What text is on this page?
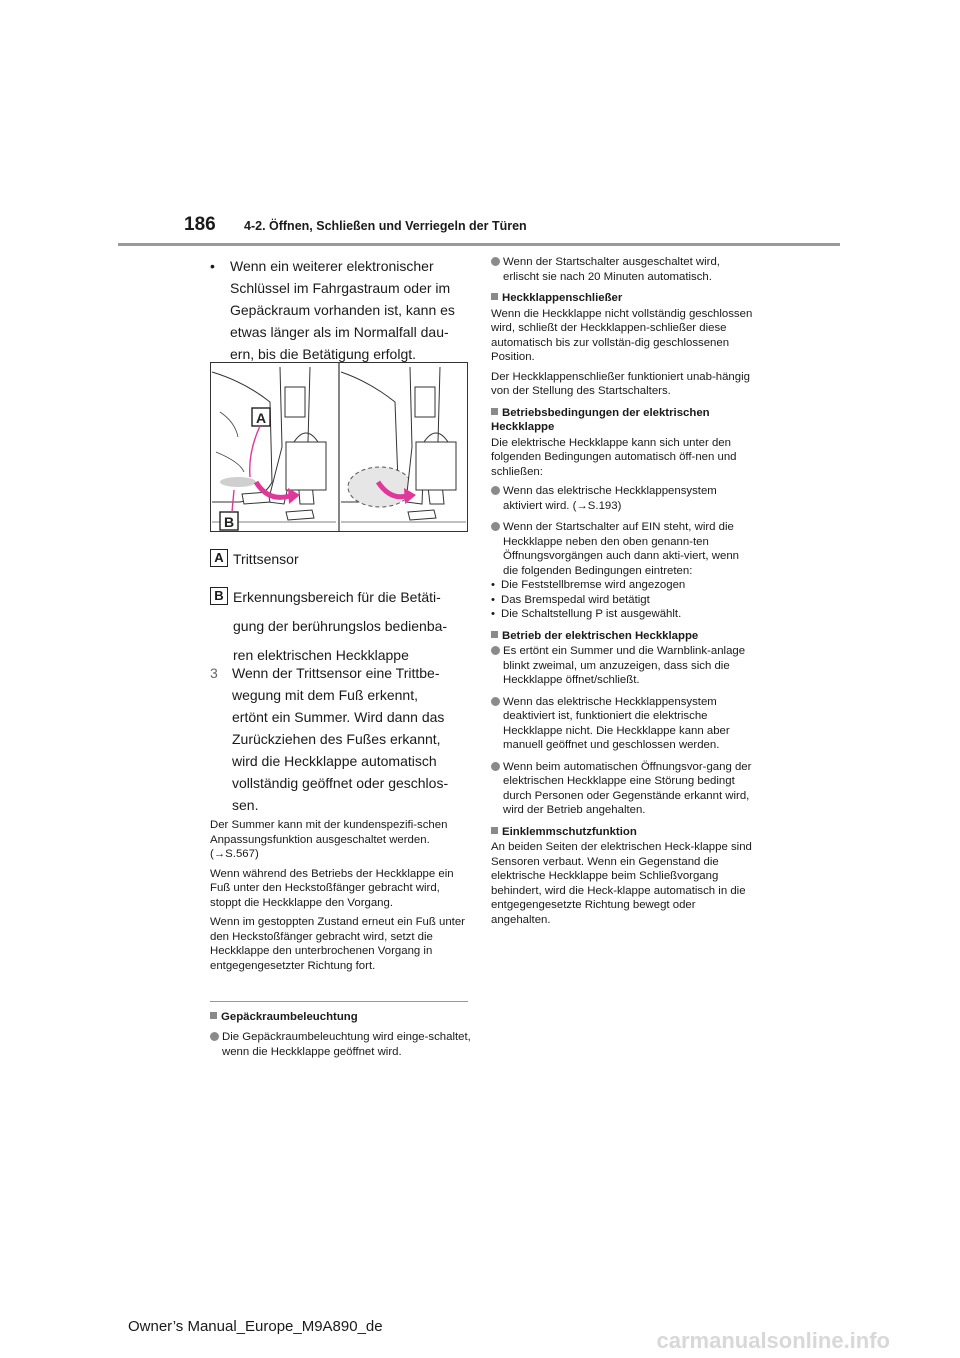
186 4-2. Öffnen, Schließen und Verriegeln der Türen
• Wenn ein weiterer elektronischer Schlüssel im Fahrgastraum oder im Gepäckraum vorhanden ist, kann es etwas länger als im Normalfall dau-ern, bis die Betätigung erfolgt.
A
B
A Trittsensor
B Erkennungsbereich für die Betäti-
gung der berührungslos bedienba-
ren elektrischen Heckklappe
3 Wenn der Trittsensor eine Trittbe-
wegung mit dem Fuß erkennt,
ertönt ein Summer. Wird dann das
Zurückziehen des Fußes erkannt,
wird die Heckklappe automatisch
vollständig geöffnet oder geschlos-
sen.

Der Summer kann mit der kundenspezifi-schen Anpassungsfunktion ausgeschaltet werden. (→S.567)

Wenn während des Betriebs der Heckklappe ein Fuß unter den Heckstoßfänger gebracht wird, stoppt die Heckklappe den Vorgang.

Wenn im gestoppten Zustand erneut ein Fuß unter den Heckstoßfänger gebracht wird, setzt die Heckklappe den unterbrochenen Vorgang in entgegengesetzter Richtung fort.

Gepäckraumbeleuchtung
Die Gepäckraumbeleuchtung wird einge-schaltet, wenn die Heckklappe geöffnet wird.
Wenn der Startschalter ausgeschaltet wird, erlischt sie nach 20 Minuten automatisch.
Heckklappenschließer

Wenn die Heckklappe nicht vollständig geschlossen wird, schließt der Heckklappen-schließer diese automatisch bis zur vollstän-dig geschlossenen Position.

Der Heckklappenschließer funktioniert unab-hängig von der Stellung des Startschalters.

Betriebsbedingungen der elektrischen Heckklappe

Die elektrische Heckklappe kann sich unter den folgenden Bedingungen automatisch öff-nen und schließen:

Wenn das elektrische Heckklappensystem aktiviert wird. (→S.193)
Wenn der Startschalter auf EIN steht, wird die Heckklappe neben den oben genann-ten Öffnungsvorgängen auch dann akti-viert, wenn die folgenden Bedingungen eintreten:
• Die Feststellbremse wird angezogen
• Das Bremspedal wird betätigt
• Die Schaltstellung P ist ausgewählt.
Betrieb der elektrischen Heckklappe
Es ertönt ein Summer und die Warnblink-anlage blinkt zweimal, um anzuzeigen, dass sich die Heckklappe öffnet/schließt.
Wenn das elektrische Heckklappensystem deaktiviert ist, funktioniert die elektrische Heckklappe nicht. Die Heckklappe kann aber manuell geöffnet und geschlossen werden.
Wenn beim automatischen Öffnungsvor-gang der elektrischen Heckklappe eine Störung bedingt durch Personen oder Gegenstände erkannt wird, wird der Betrieb angehalten.
Einklemmschutzfunktion

An beiden Seiten der elektrischen Heck-klappe sind Sensoren verbaut. Wenn ein Gegenstand die elektrische Heckklappe beim Schließvorgang behindert, wird die Heck-klappe automatisch in die entgegengesetzte Richtung bewegt oder angehalten.

Owner’s Manual_Europe_M9A890_de
carmanualsonline.info
